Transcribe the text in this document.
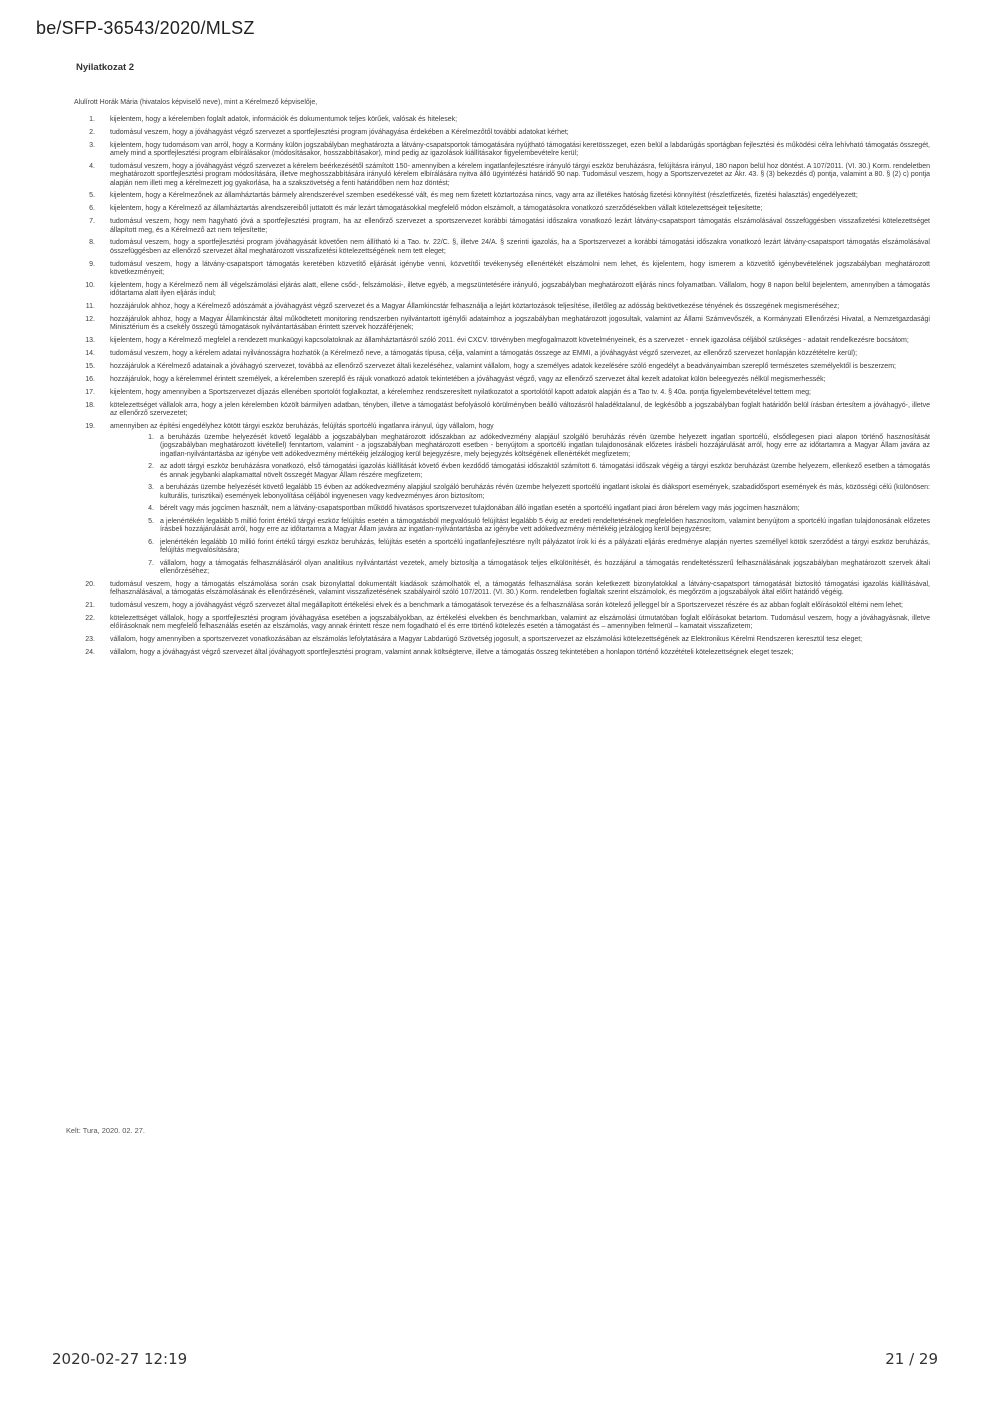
be/SFP-36543/2020/MLSZ
Nyilatkozat 2
Alulírott Horák Mária (hivatalos képviselő neve), mint a Kérelmező képviselője,
1. kijelentem, hogy a kérelemben foglalt adatok, információk és dokumentumok teljes körűek, valósak és hitelesek;
2. tudomásul veszem, hogy a jóváhagyást végző szervezet a sportfejlesztési program jóváhagyása érdekében a Kérelmezőtől további adatokat kérhet;
3. kijelentem, hogy tudomásom van arról, hogy a Kormány külön jogszabályban meghatározta a látvány-csapatsportok támogatására nyújtható támogatási keretösszeget, ezen belül a labdarúgás sportágban fejlesztési és működési célra lehívható támogatás összegét, amely mind a sportfejlesztési program elbírálásakor (módosításakor, hosszabbításakor), mind pedig az igazolások kiállításakor figyelembevételre kerül;
4. tudomásul veszem, hogy a jóváhagyást végző szervezet a kérelem beérkezésétől számított 150- amennyiben a kérelem ingatlanfejlesztésre irányuló tárgyi eszköz beruházásra, felújításra irányul, 180 napon belül hoz döntést. A 107/2011. (VI. 30.) Korm. rendeletben meghatározott sportfejlesztési program módosítására, illetve meghosszabbítására irányuló kérelem elbírálására nyitva álló ügyintézési határidő 90 nap. Tudomásul veszem, hogy a Sportszervezetet az Ákr. 43. § (3) bekezdés d) pontja, valamint a 80. § (2) c) pontja alapján nem illeti meg a kérelmezett jog gyakorlása, ha a szakszövetség a fenti határidőben nem hoz döntést;
5. kijelentem, hogy a Kérelmezőnek az államháztartás bármely alrendszerével szemben esedékessé vált, és meg nem fizetett köztartozása nincs, vagy arra az illetékes hatóság fizetési könnyítést (részletfizetés, fizetési halasztás) engedélyezett;
6. kijelentem, hogy a Kérelmező az államháztartás alrendszereiből juttatott és már lezárt támogatásokkal megfelelő módon elszámolt, a támogatásokra vonatkozó szerződésekben vállalt kötelezettségeit teljesítette;
7. tudomásul veszem, hogy nem hagyható jóvá a sportfejlesztési program, ha az ellenőrző szervezet a sportszervezet korábbi támogatási időszakra vonatkozó lezárt látvány-csapatsport támogatás elszámolásával összefüggésben visszafizetési kötelezettséget állapított meg, és a Kérelmező azt nem teljesítette;
8. tudomásul veszem, hogy a sportfejlesztési program jóváhagyását követően nem állítható ki a Tao. tv. 22/C. §, illetve 24/A. § szerinti igazolás, ha a Sportszervezet a korábbi támogatási időszakra vonatkozó lezárt látvány-csapatsport támogatás elszámolásával összefüggésben az ellenőrző szervezet által meghatározott visszafizetési kötelezettségének nem tett eleget;
9. tudomásul veszem, hogy a látvány-csapatsport támogatás keretében közvetítő eljárását igénybe venni, közvetítői tevékenység ellenértékét elszámolni nem lehet, és kijelentem, hogy ismerem a közvetítő igénybevételének jogszabályban meghatározott következményeit;
10. kijelentem, hogy a Kérelmező nem áll végelszámolási eljárás alatt, ellene csőd-, felszámolási-, illetve egyéb, a megszüntetésére irányuló, jogszabályban meghatározott eljárás nincs folyamatban. Vállalom, hogy 8 napon belül bejelentem, amennyiben a támogatás időtartama alatt ilyen eljárás indul;
11. hozzájárulok ahhoz, hogy a Kérelmező adószámát a jóváhagyást végző szervezet és a Magyar Államkincstár felhasználja a lejárt köztartozások teljesítése, illetőleg az adósság bekövetkezése tényének és összegének megismeréséhez;
12. hozzájárulok ahhoz, hogy a Magyar Államkincstár által működtetett monitoring rendszerben nyilvántartott igénylői adataimhoz a jogszabályban meghatározott jogosultak, valamint az Állami Számvevőszék, a Kormányzati Ellenőrzési Hivatal, a Nemzetgazdasági Minisztérium és a csekély összegű támogatások nyilvántartásában érintett szervek hozzáférjenek;
13. kijelentem, hogy a Kérelmező megfelel a rendezett munkaügyi kapcsolatoknak az államháztartásról szóló 2011. évi CXCV. törvényben megfogalmazott követelményeinek, és a szervezet - ennek igazolása céljából szükséges - adatait rendelkezésre bocsátom;
14. tudomásul veszem, hogy a kérelem adatai nyilvánosságra hozhatók (a Kérelmező neve, a támogatás típusa, célja, valamint a támogatás összege az EMMI, a jóváhagyást végző szervezet, az ellenőrző szervezet honlapján közzétételre kerül);
15. hozzájárulok a Kérelmező adatainak a jóváhagyó szervezet, továbbá az ellenőrző szervezet általi kezeléséhez, valamint vállalom, hogy a személyes adatok kezelésére szóló engedélyt a beadványaimban szereplő természetes személyektől is beszerzem;
16. hozzájárulok, hogy a kérelemmel érintett személyek, a kérelemben szereplő és rájuk vonatkozó adatok tekintetében a jóváhagyást végző, vagy az ellenőrző szervezet által kezelt adatokat külön beleegyezés nélkül megismerhessék;
17. kijelentem, hogy amennyiben a Sportszervezet díjazás ellenében sportolót foglalkoztat, a kérelemhez rendszeresített nyilatkozatot a sportolótól kapott adatok alapján és a Tao tv. 4. § 40a. pontja figyelembevételével tettem meg;
18. kötelezettséget vállalok arra, hogy a jelen kérelemben közölt bármilyen adatban, tényben, illetve a támogatást befolyásoló körülményben beálló változásról haladéktalanul, de legkésőbb a jogszabályban foglalt határidőn belül írásban értesítem a jóváhagyó-, illetve az ellenőrző szervezetet;
19. amennyiben az építési engedélyhez kötött tárgyi eszköz beruházás, felújítás sportcélú ingatlanra irányul, úgy vállalom, hogy
1. a beruházás üzembe helyezését követő legalább a jogszabályban meghatározott időszakban az adókedvezmény alapjául szolgáló beruházás révén üzembe helyezett ingatlan sportcélú, elsődlegesen piaci alapon történő hasznosítását (jogszabályban meghatározott kivétellel) fenntartom, valamint - a jogszabályban meghatározott esetben - benyújtom a sportcélú ingatlan tulajdonosának előzetes írásbeli hozzájárulását arról, hogy erre az időtartamra a Magyar Állam javára az ingatlan-nyilvántartásba az igénybe vett adókedvezmény mértékéig jelzálogjog kerül bejegyzésre, mely bejegyzés költségének ellenértékét megfizetem;
2. az adott tárgyi eszköz beruházásra vonatkozó, első támogatási igazolás kiállítását követő évben kezdődő támogatási időszaktól számított 6. támogatási időszak végéig a tárgyi eszköz beruházást üzembe helyezem, ellenkező esetben a támogatás és annak jegybanki alapkamattal növelt összegét Magyar Állam részére megfizetem;
3. a beruházás üzembe helyezését követő legalább 15 évben az adókedvezmény alapjául szolgáló beruházás révén üzembe helyezett sportcélú ingatlant iskolai és diáksport események, szabadidősport események és más, közösségi célú (különösen: kulturális, turisztikai) események lebonyolítása céljából ingyenesen vagy kedvezményes áron biztosítom;
4. bérelt vagy más jogcímen használt, nem a látvány-csapatsportban működő hivatásos sportszervezet tulajdonában álló ingatlan esetén a sportcélú ingatlant piaci áron bérelem vagy más jogcímen használom;
5. a jelenértékén legalább 5 millió forint értékű tárgyi eszköz felújítás esetén a támogatásból megvalósuló felújítást legalább 5 évig az eredeti rendeltetésének megfelelően hasznosítom, valamint benyújtom a sportcélú ingatlan tulajdonosának előzetes írásbeli hozzájárulását arról, hogy erre az időtartamra a Magyar Állam javára az ingatlan-nyilvántartásba az igénybe vett adókedvezmény mértékéig jelzálogjog kerül bejegyzésre;
6. jelenértékén legalább 10 millió forint értékű tárgyi eszköz beruházás, felújítás esetén a sportcélú ingatlanfejlesztésre nyílt pályázatot írok ki és a pályázati eljárás eredménye alapján nyertes személlyel kötök szerződést a tárgyi eszköz beruházás, felújítás megvalósítására;
7. vállalom, hogy a támogatás felhasználásáról olyan analitikus nyilvántartást vezetek, amely biztosítja a támogatások teljes elkülönítését, és hozzájárul a támogatás rendeltetésszerű felhasználásának jogszabályban meghatározott szervek általi ellenőrzéséhez;
20. tudomásul veszem, hogy a támogatás elszámolása során csak bizonylattal dokumentált kiadások számolhatók el, a támogatás felhasználása során keletkezett bizonylatokkal a látvány-csapatsport támogatását biztosító támogatási igazolás kiállításával, felhasználásával, a támogatás elszámolásának és ellenőrzésének, valamint visszafizetésének szabályairól szóló 107/2011. (VI. 30.) Korm. rendeletben foglaltak szerint elszámolok, és megőrzöm a jogszabályok által előírt határidő végéig.
21. tudomásul veszem, hogy a jóváhagyást végző szervezet által megállapított értékelési elvek és a benchmark a támogatások tervezése és a felhasználása során kötelező jelleggel bír a Sportszervezet részére és az abban foglalt előírásoktól eltérni nem lehet;
22. kötelezettséget vállalok, hogy a sportfejlesztési program jóváhagyása esetében a jogszabályokban, az értékelési elvekben és benchmarkban, valamint az elszámolási útmutatóban foglalt előírásokat betartom. Tudomásul veszem, hogy a jóváhagyásnak, illetve előírásoknak nem megfelelő felhasználás esetén az elszámolás, vagy annak érintett része nem fogadható el és erre történő kötelezés esetén a támogatást és – amennyiben felmerül – kamatait visszafizetem;
23. vállalom, hogy amennyiben a sportszervezet vonatkozásában az elszámolás lefolytatására a Magyar Labdarúgó Szövetség jogosult, a sportszervezet az elszámolási kötelezettségének az Elektronikus Kérelmi Rendszeren keresztül tesz eleget;
24. vállalom, hogy a jóváhagyást végző szervezet által jóváhagyott sportfejlesztési program, valamint annak költségterve, illetve a támogatás összeg tekintetében a honlapon történő közzétételi kötelezettségnek eleget teszek;
Kelt: Tura, 2020. 02. 27.
2020-02-27 12:19	21 / 29
